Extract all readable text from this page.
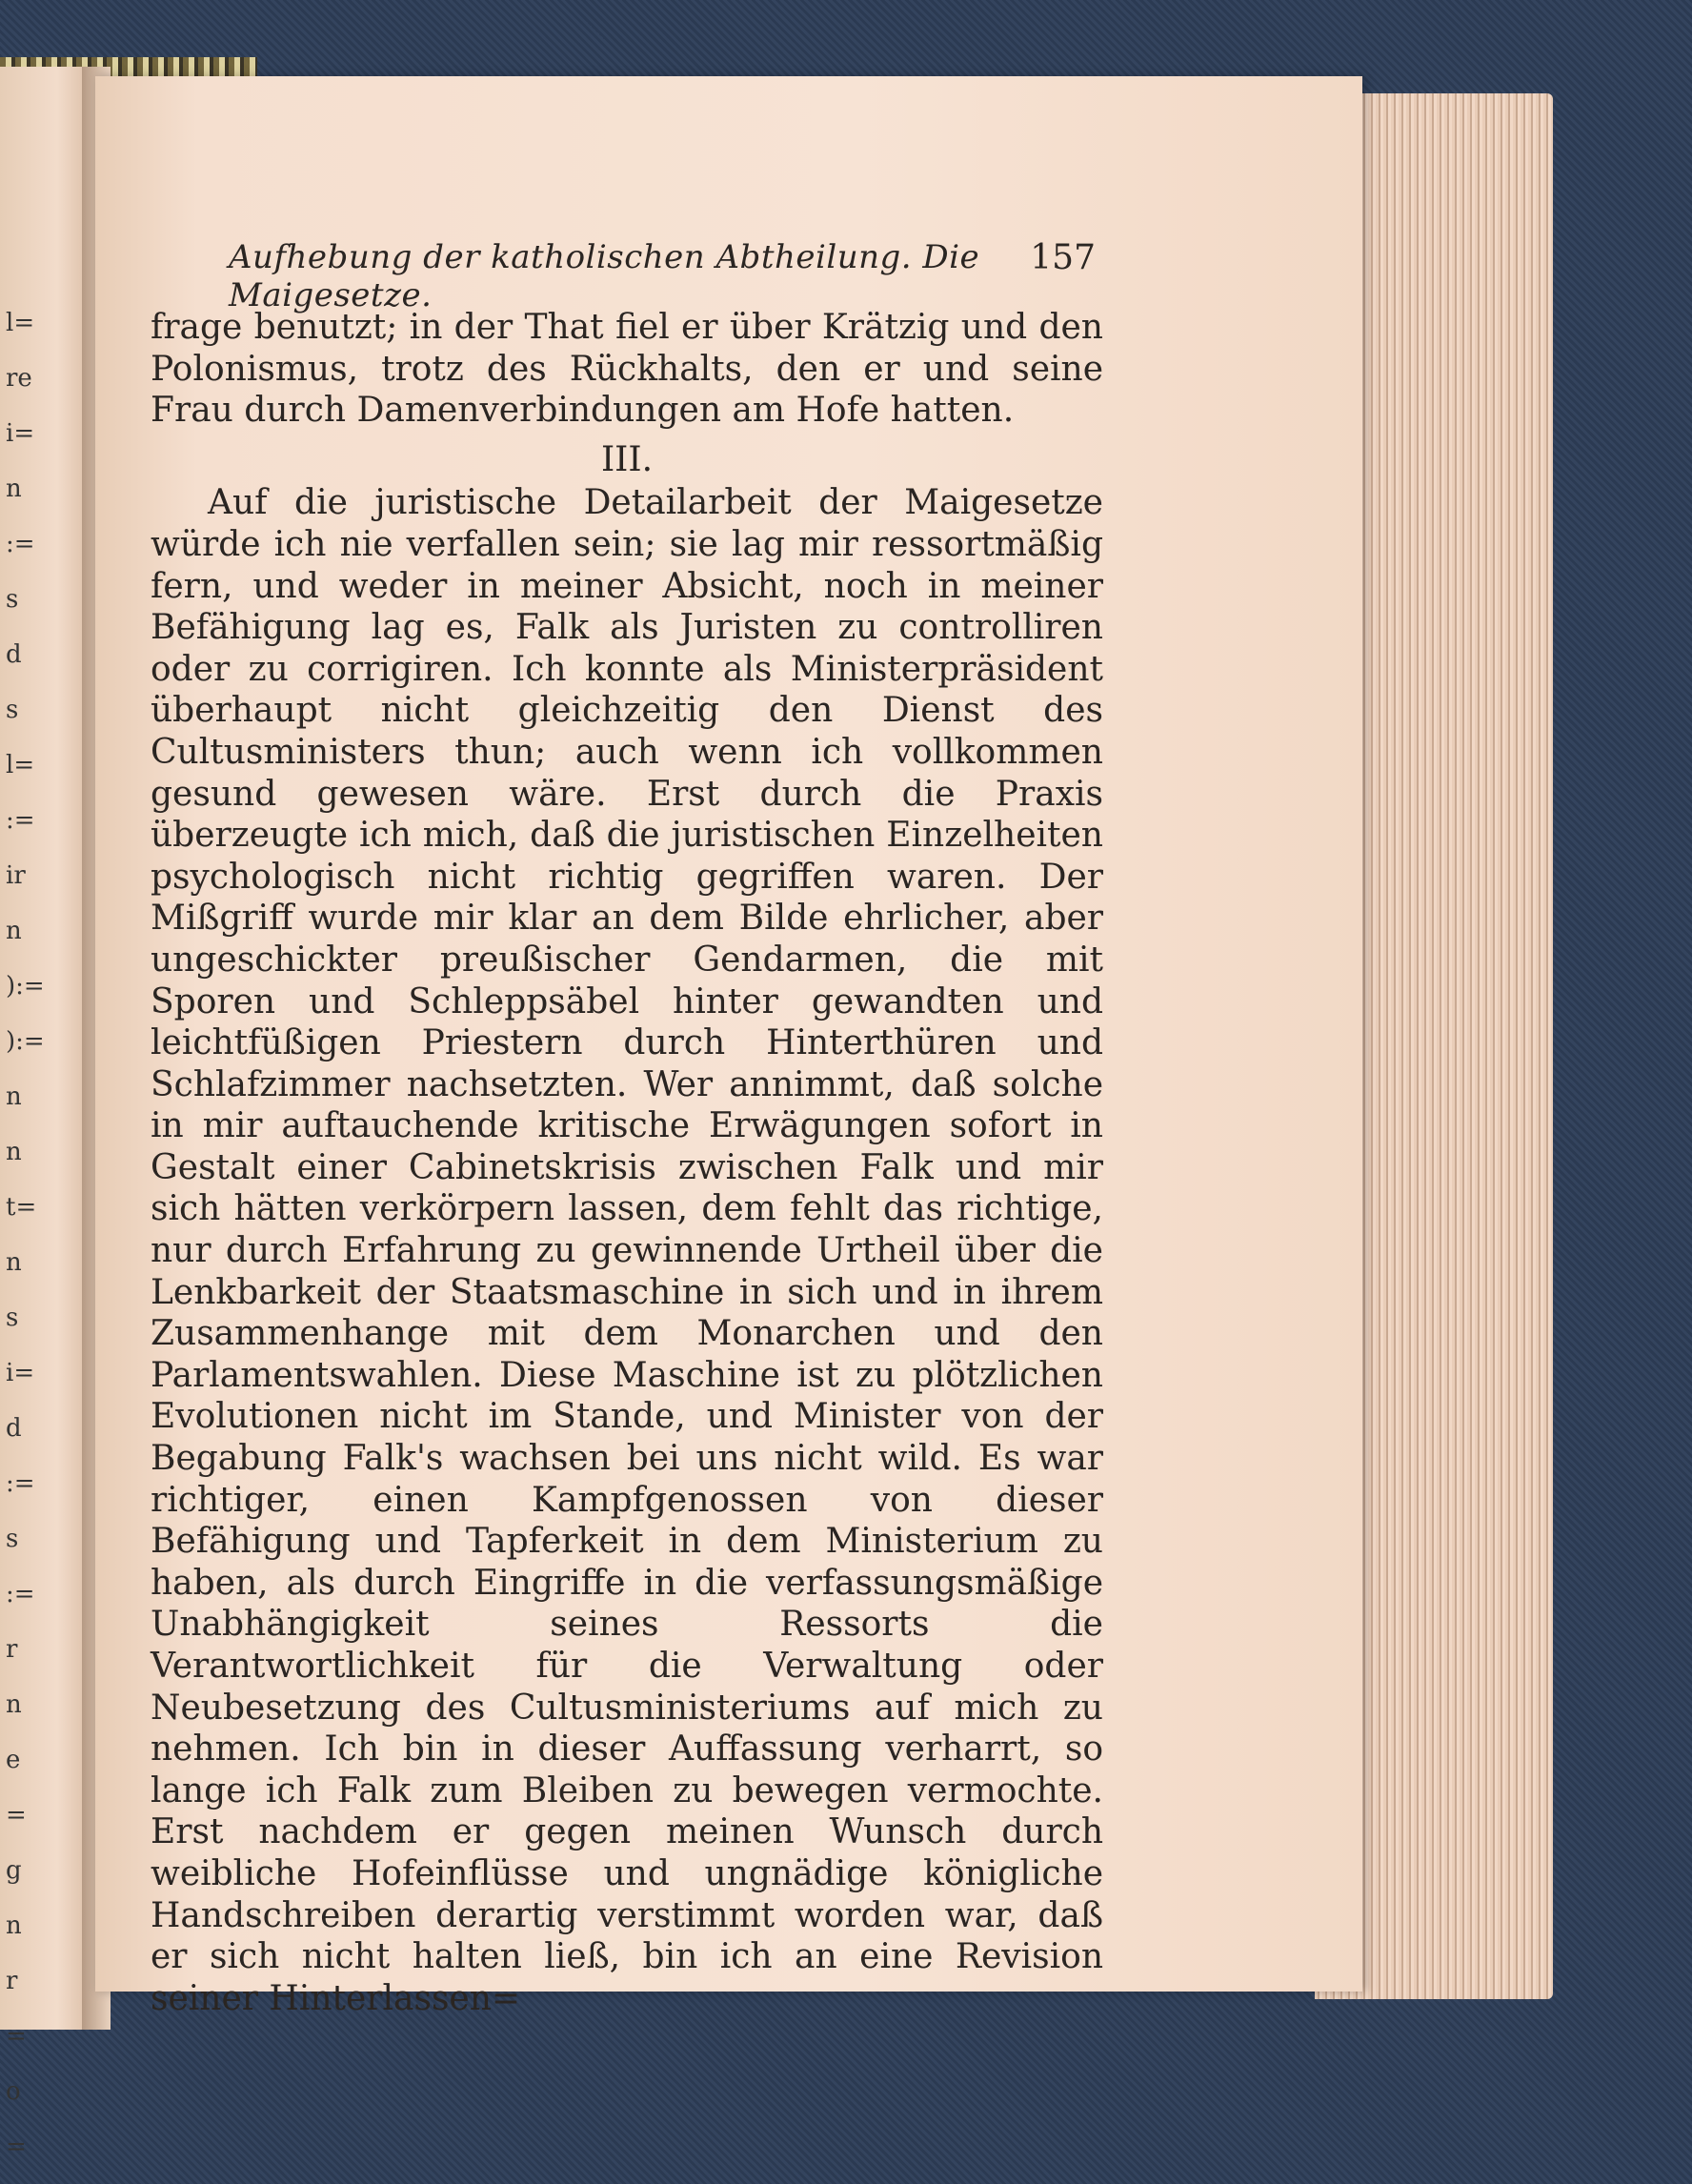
l=
re
i=
n
:=
s
d
s
l=
:=
ir
n
):=
):=
n
n
t=
n
s
i=
d
:=
s
:=
r
n
e
=
g
n
r
=
o
=
Aufhebung der katholischen Abtheilung. Die Maigesetze.
157

frage benutzt; in der That fiel er über Krätzig und den Polonismus, trotz des Rückhalts, den er und seine Frau durch Damenverbindungen am Hofe hatten.

III.

Auf die juristische Detailarbeit der Maigesetze würde ich nie verfallen sein; sie lag mir ressortmäßig fern, und weder in meiner Absicht, noch in meiner Befähigung lag es, Falk als Juristen zu controlliren oder zu corrigiren. Ich konnte als Ministerpräsident überhaupt nicht gleichzeitig den Dienst des Cultusministers thun; auch wenn ich vollkommen gesund gewesen wäre. Erst durch die Praxis überzeugte ich mich, daß die juristischen Einzelheiten psychologisch nicht richtig gegriffen waren. Der Mißgriff wurde mir klar an dem Bilde ehrlicher, aber ungeschickter preußischer Gendarmen, die mit Sporen und Schleppsäbel hinter gewandten und leichtfüßigen Priestern durch Hinterthüren und Schlafzimmer nachsetzten. Wer annimmt, daß solche in mir auftauchende kritische Erwägungen sofort in Gestalt einer Cabinetskrisis zwischen Falk und mir sich hätten verkörpern lassen, dem fehlt das richtige, nur durch Erfahrung zu gewinnende Urtheil über die Lenkbarkeit der Staatsmaschine in sich und in ihrem Zusammenhange mit dem Monarchen und den Parlamentswahlen. Diese Maschine ist zu plötzlichen Evolutionen nicht im Stande, und Minister von der Begabung Falk's wachsen bei uns nicht wild. Es war richtiger, einen Kampfgenossen von dieser Befähigung und Tapferkeit in dem Ministerium zu haben, als durch Eingriffe in die verfassungsmäßige Unabhängigkeit seines Ressorts die Verantwortlichkeit für die Verwaltung oder Neubesetzung des Cultusministeriums auf mich zu nehmen. Ich bin in dieser Auffassung verharrt, so lange ich Falk zum Bleiben zu bewegen vermochte. Erst nachdem er gegen meinen Wunsch durch weibliche Hofeinflüsse und ungnädige königliche Handschreiben derartig verstimmt worden war, daß er sich nicht halten ließ, bin ich an eine Revision seiner Hinterlassen=
